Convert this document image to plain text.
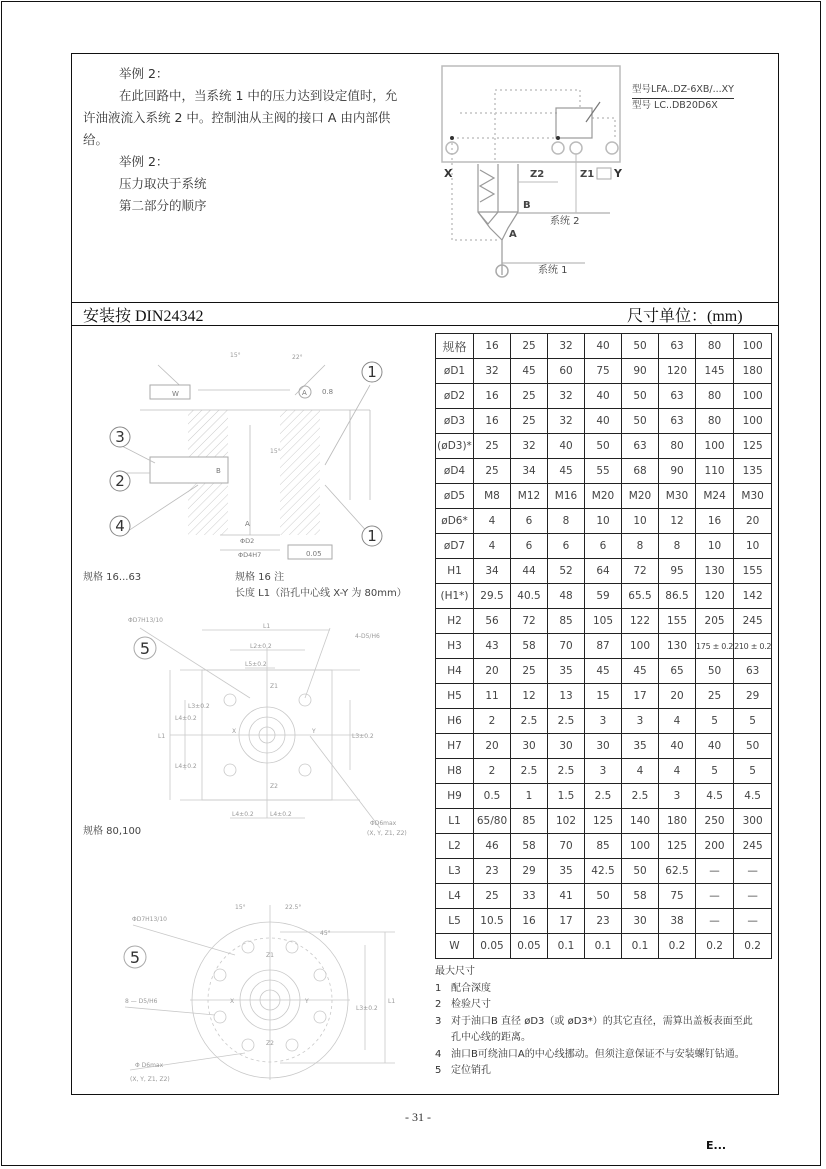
举例 2：
在此回路中，当系统 1 中的压力达到设定值时，允
许油液流入系统 2 中。控制油从主阀的接口 A 由内部供
给。
举例 2：
压力取决于系统
第二部分的顺序
X	Z2	Z1 Y
B
系统 2
A
系统 1
型号LFA..DZ-6XB/...XY
型号 LC..DB20D6X
安装按 DIN24342	尺寸单位：(mm)
W	A 0.8
15°
15°
22°
B
A
ΦD2
ΦD4H7	0.05
1
3
2
4
1
规格 16...63	规格 16 注
长度 L1（沿孔中心线 X-Y 为 80mm）
5
ΦD7H13/10
L1
L2±0.2
L5±0.2
4-D5/H6
Z1
Z2
X	Y
L1
L4±0.2
L3±0.2
L4±0.2
L3±0.2
L4±0.2	L4±0.2
ΦD6max
(X, Y, Z1, Z2)
规格 80,100
5
ΦD7H13/10
15°	22.5°
45°
Z1
Z2
X	Y
8 — D5/H6
Φ D6max
(X, Y, Z1, Z2)
L3±0.2
L1
规格	16	25	32	40	50	63	80	100
øD1	32	45	60	75	90	120	145	180
øD2	16	25	32	40	50	63	80	100
øD3	16	25	32	40	50	63	80	100
(øD3)*	25	32	40	50	63	80	100	125
øD4	25	34	45	55	68	90	110	135
øD5	M8	M12	M16	M20	M20	M30	M24	M30
øD6*	4	6	8	10	10	12	16	20
øD7	4	6	6	6	8	8	10	10
H1	34	44	52	64	72	95	130	155
(H1*)	29.5	40.5	48	59	65.5	86.5	120	142
H2	56	72	85	105	122	155	205	245
H3	43	58	70	87	100	130	175 ± 0.2	210 ± 0.2
H4	20	25	35	45	45	65	50	63
H5	11	12	13	15	17	20	25	29
H6	2	2.5	2.5	3	3	4	5	5
H7	20	30	30	30	35	40	40	50
H8	2	2.5	2.5	3	4	4	5	5
H9	0.5	1	1.5	2.5	2.5	3	4.5	4.5
L1	65/80	85	102	125	140	180	250	300
L2	46	58	70	85	100	125	200	245
L3	23	29	35	42.5	50	62.5	—	—
L4	25	33	41	50	58	75	—	—
L5	10.5	16	17	23	30	38	—	—
W	0.05	0.05	0.1	0.1	0.1	0.2	0.2	0.2
最大尺寸
1 配合深度
2 检验尺寸
3 对于油口B 直径 øD3（或 øD3*）的其它直径，需算出盖板表面至此
孔中心线的距离。
4 油口B可绕油口A的中心线挪动。但须注意保证不与安装螺钉钻通。
5 定位销孔
- 31 -
E...
